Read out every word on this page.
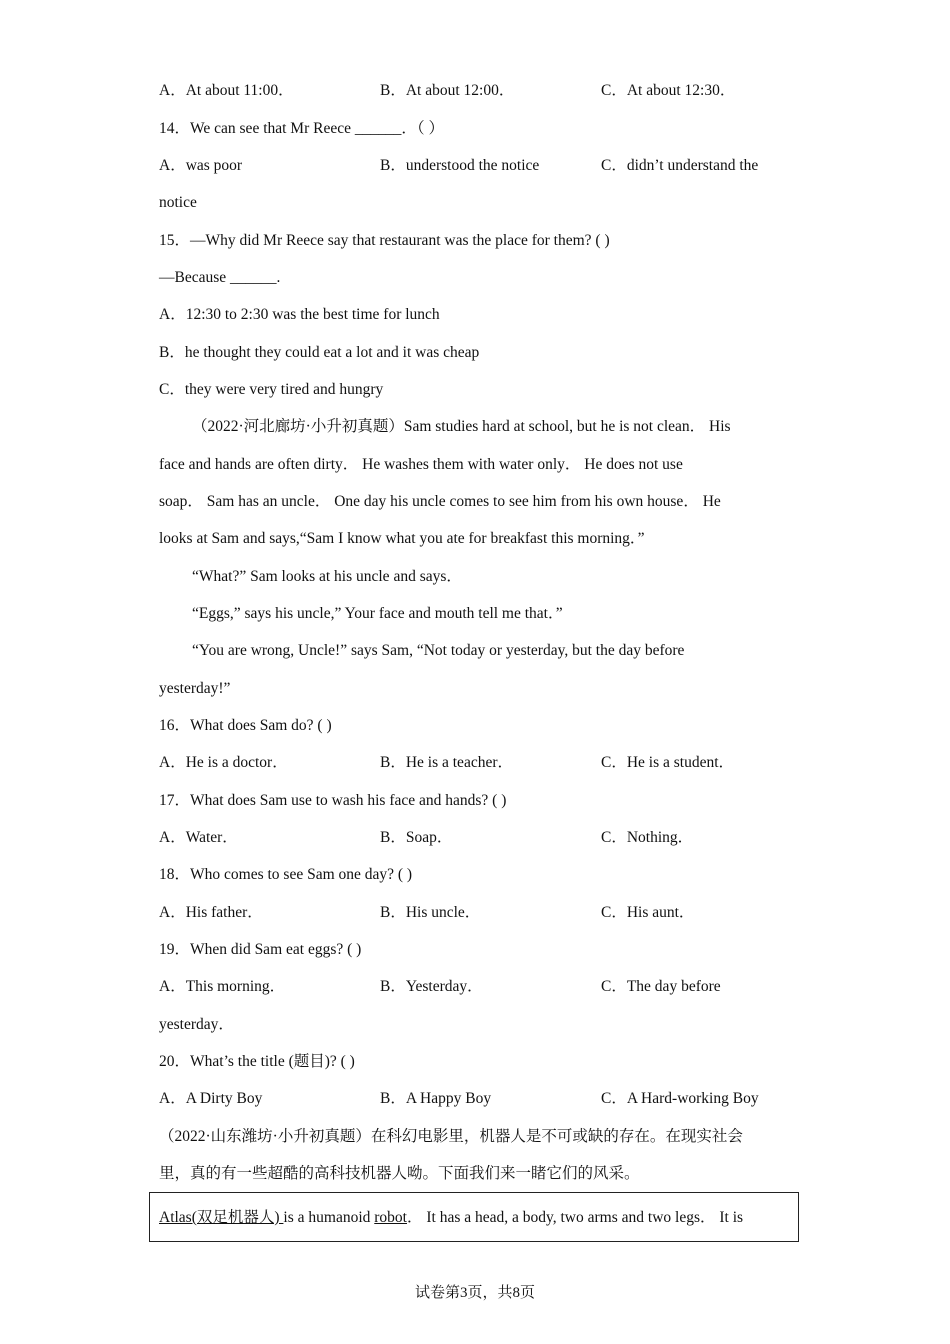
A．At about 11:00．	B．At about 12:00．	C．At about 12:30．
14．We can see that Mr Reece ______．（ ）
A．was poor	B．understood the notice	C．didn’t understand the
notice
15．—Why did Mr Reece say that restaurant was the place for them? ( )
—Because ______.
A．12:30 to 2:30 was the best time for lunch
B．he thought they could eat a lot and it was cheap
C．they were very tired and hungry
（2022·河北廊坊·小升初真题）Sam studies hard at school, but he is not clean． His
face and hands are often dirty． He washes them with water only． He does not use
soap． Sam has an uncle． One day his uncle comes to see him from his own house． He
looks at Sam and says,“Sam I know what you ate for breakfast this morning．”
“What?” Sam looks at his uncle and says．
“Eggs,” says his uncle,” Your face and mouth tell me that．”
“You are wrong, Uncle!” says Sam, “Not today or yesterday, but the day before
yesterday!”
16．What does Sam do? ( )
A．He is a doctor．	B．He is a teacher．	C．He is a student．
17．What does Sam use to wash his face and hands? ( )
A．Water．	B．Soap．	C．Nothing．
18．Who comes to see Sam one day? ( )
A．His father．	B．His uncle．	C．His aunt．
19．When did Sam eat eggs? ( )
A．This morning．	B．Yesterday．	C．The day before
yesterday．
20．What’s the title (题目)? ( )
A．A Dirty Boy	B．A Happy Boy	C．A Hard-working Boy
（2022·山东潍坊·小升初真题）在科幻电影里，机器人是不可或缺的存在。在现实社会
里，真的有一些超酷的高科技机器人呦。下面我们来一睹它们的风采。
Atlas(双足机器人) is a humanoid robot． It has a head, a body, two arms and two legs． It is
试卷第3页，共8页
